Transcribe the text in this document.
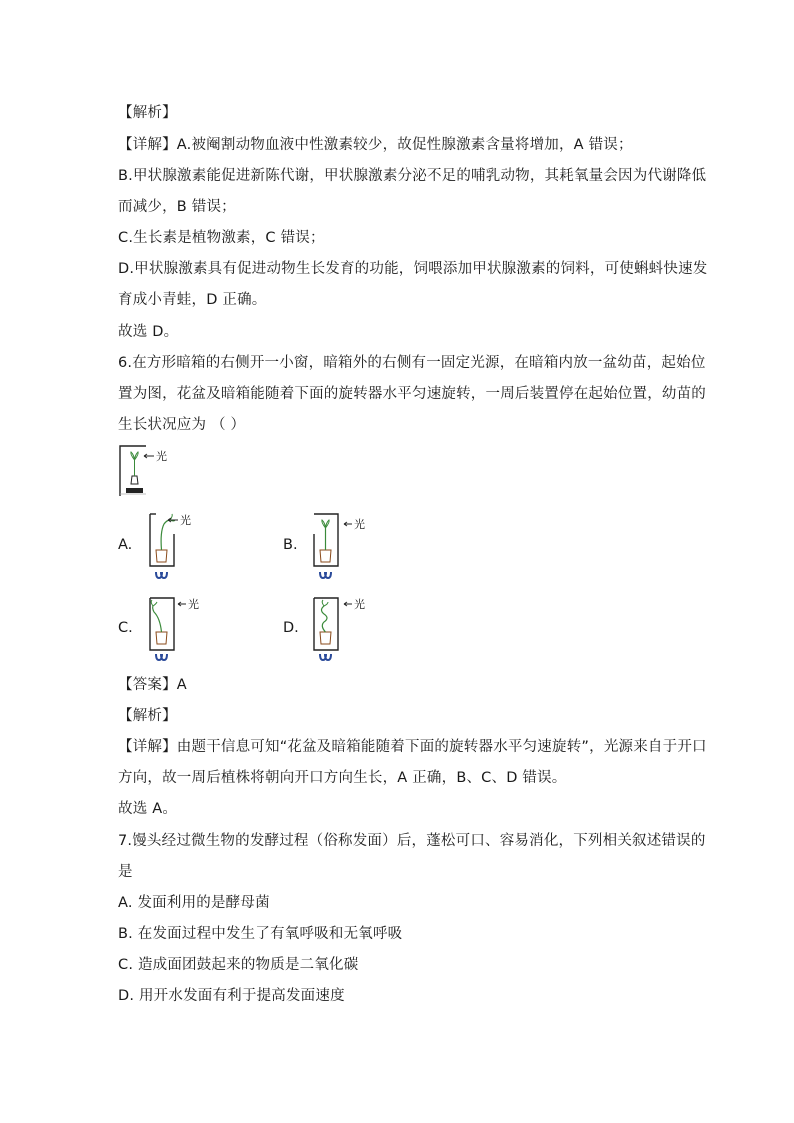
【解析】
【详解】A.被阉割动物血液中性激素较少，故促性腺激素含量将增加，A 错误；
B.甲状腺激素能促进新陈代谢，甲状腺激素分泌不足的哺乳动物，其耗氧量会因为代谢降低
而减少，B 错误；
C.生长素是植物激素，C 错误；
D.甲状腺激素具有促进动物生长发育的功能，饲喂添加甲状腺激素的饲料，可使蝌蚪快速发
育成小青蛙，D 正确。
故选 D。
6.在方形暗箱的右侧开一小窗，暗箱外的右侧有一固定光源，在暗箱内放一盆幼苗，起始位
置为图，花盆及暗箱能随着下面的旋转器水平匀速旋转，一周后装置停在起始位置，幼苗的
生长状况应为 （ ）
光
A.
光
B.
光
C.
光
D.
光
【答案】A
【解析】
【详解】由题干信息可知“花盆及暗箱能随着下面的旋转器水平匀速旋转”，光源来自于开口
方向，故一周后植株将朝向开口方向生长，A 正确，B、C、D 错误。
故选 A。
7.馒头经过微生物的发酵过程（俗称发面）后，蓬松可口、容易消化，下列相关叙述错误的
是
A. 发面利用的是酵母菌
B. 在发面过程中发生了有氧呼吸和无氧呼吸
C. 造成面团鼓起来的物质是二氧化碳
D. 用开水发面有利于提高发面速度
